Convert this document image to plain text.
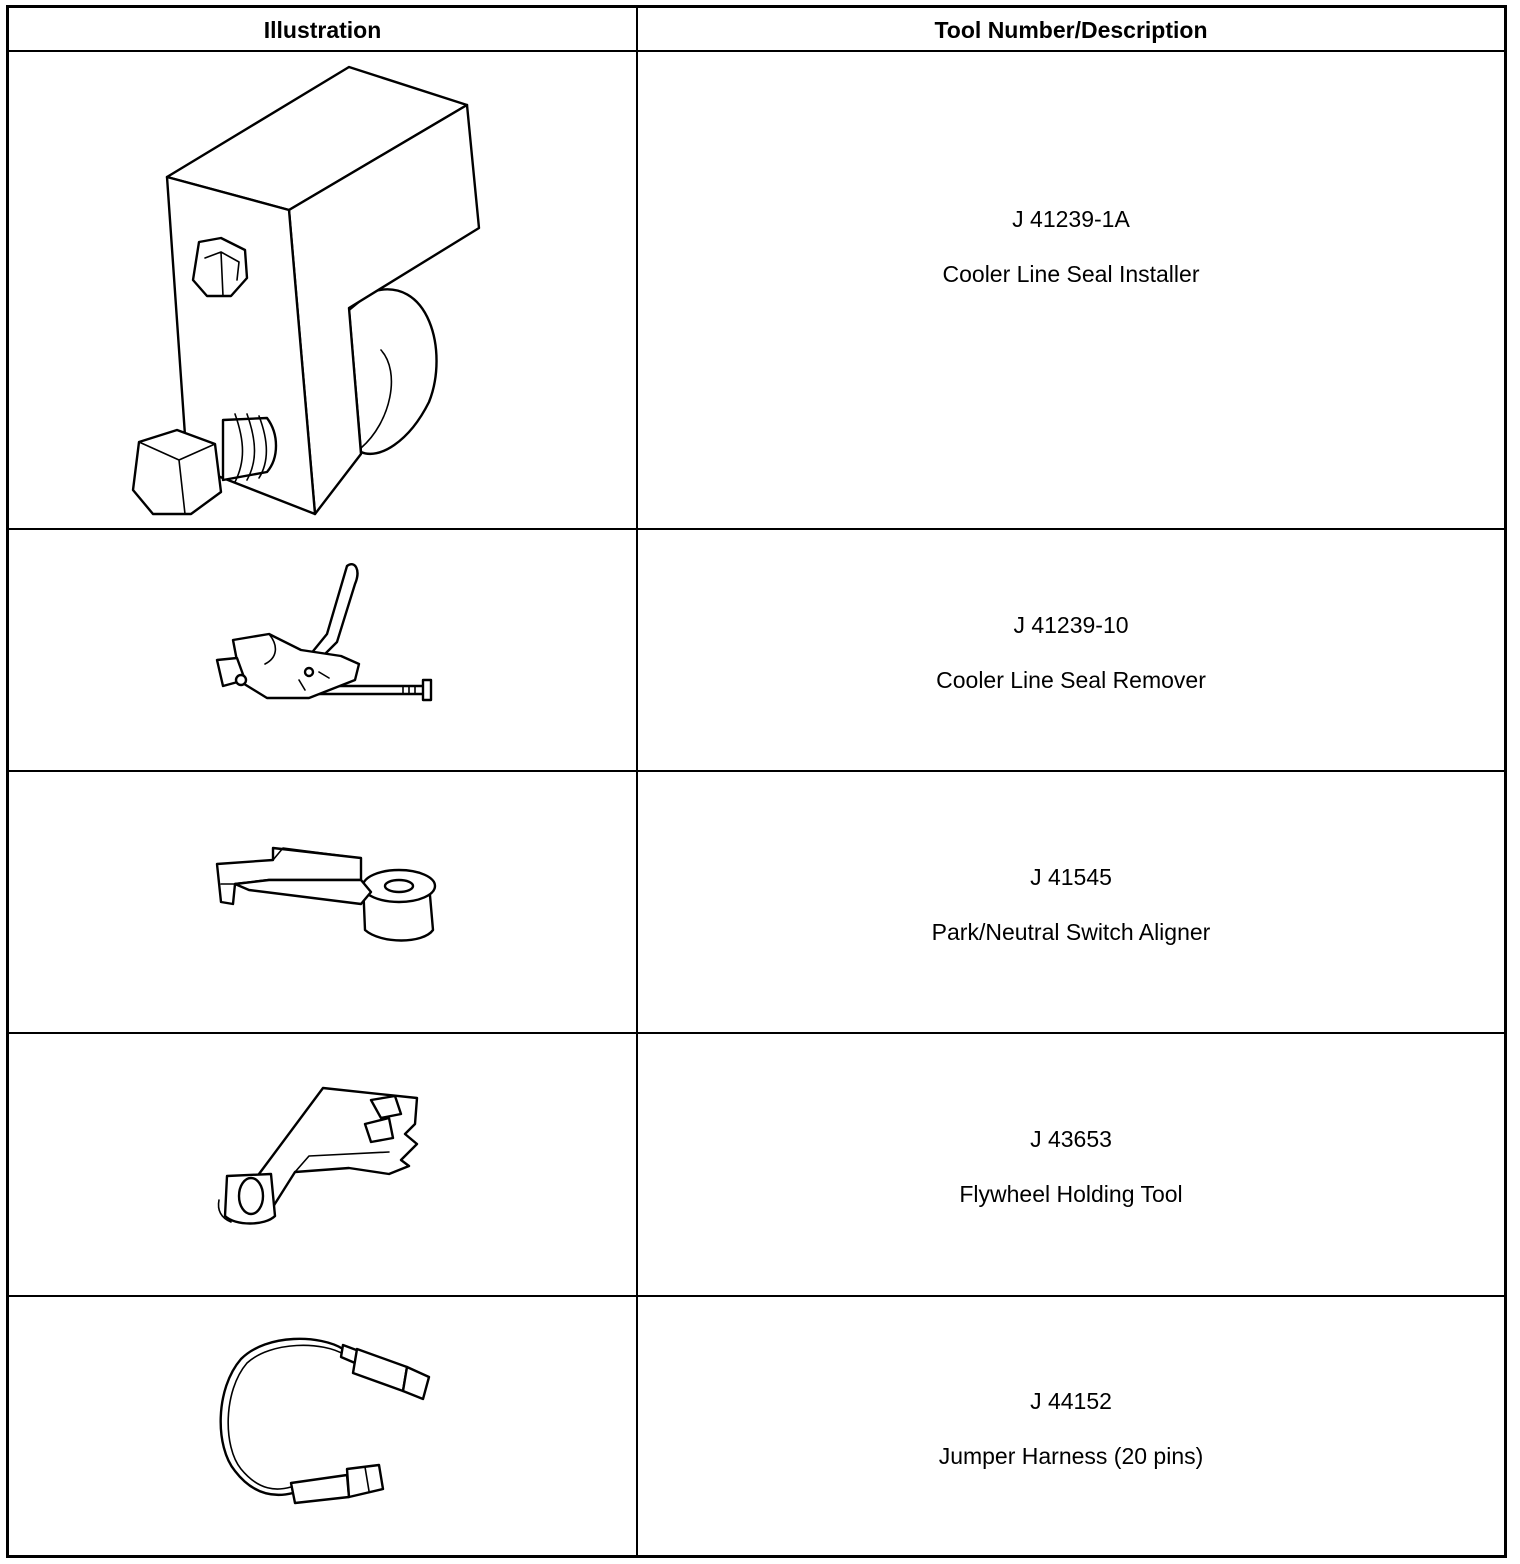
Illustration	Tool Number/Description
J 41239-1A
Cooler Line Seal Installer
J 41239-10
Cooler Line Seal Remover
J 41545
Park/Neutral Switch Aligner
J 43653
Flywheel Holding Tool
J 44152
Jumper Harness (20 pins)
